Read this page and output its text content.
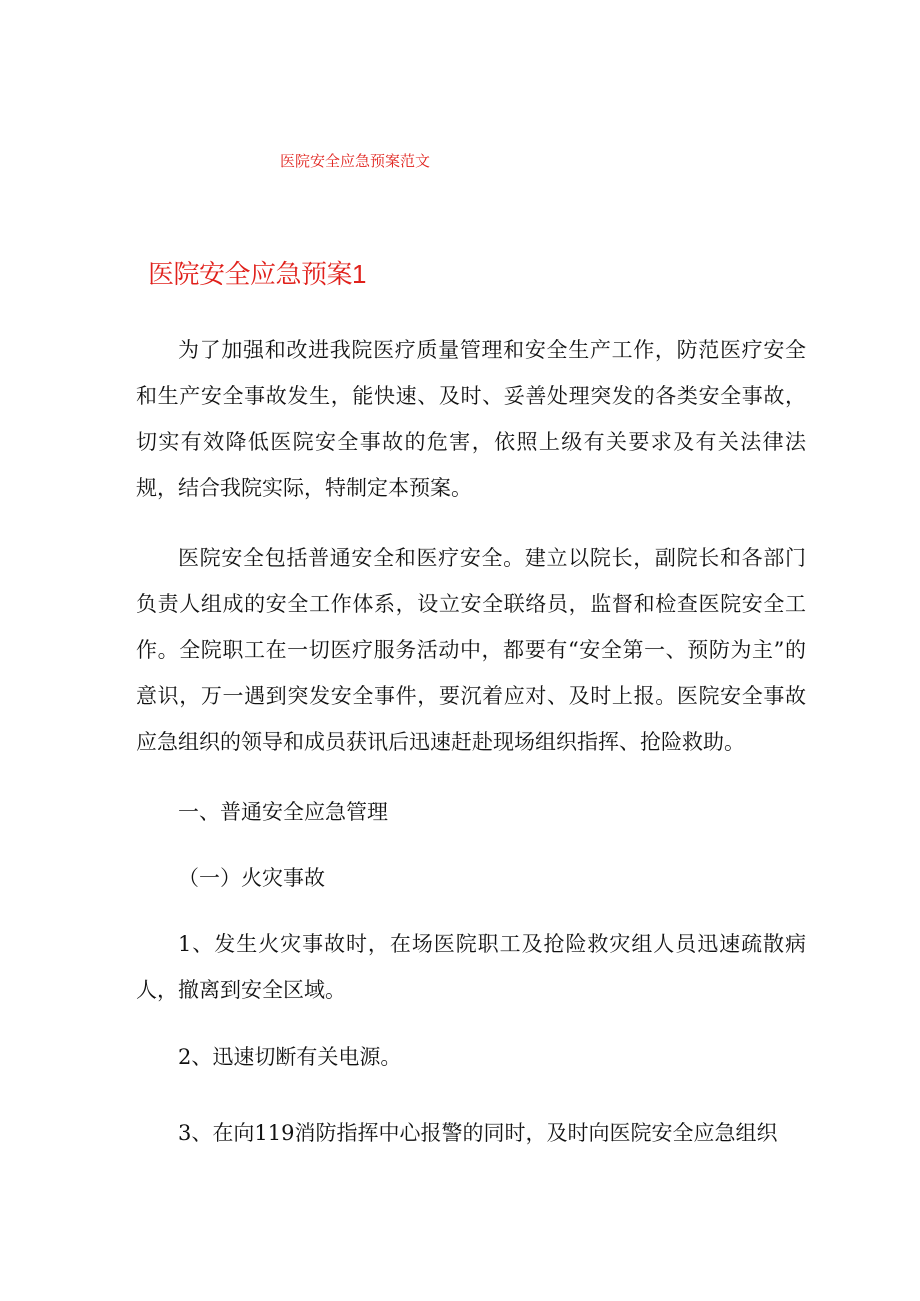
医院安全应急预案范文
医院安全应急预案1

为了加强和改进我院医疗质量管理和安全生产工作，防范医疗安全和生产安全事故发生，能快速、及时、妥善处理突发的各类安全事故，切实有效降低医院安全事故的危害，依照上级有关要求及有关法律法规，结合我院实际，特制定本预案。

医院安全包括普通安全和医疗安全。建立以院长，副院长和各部门负责人组成的安全工作体系，设立安全联络员，监督和检查医院安全工作。全院职工在一切医疗服务活动中，都要有“安全第一、预防为主”的意识，万一遇到突发安全事件，要沉着应对、及时上报。医院安全事故应急组织的领导和成员获讯后迅速赶赴现场组织指挥、抢险救助。

一、普通安全应急管理

（一）火灾事故

1、发生火灾事故时，在场医院职工及抢险救灾组人员迅速疏散病人，撤离到安全区域。

2、迅速切断有关电源。

3、在向119消防指挥中心报警的同时，及时向医院安全应急组织
